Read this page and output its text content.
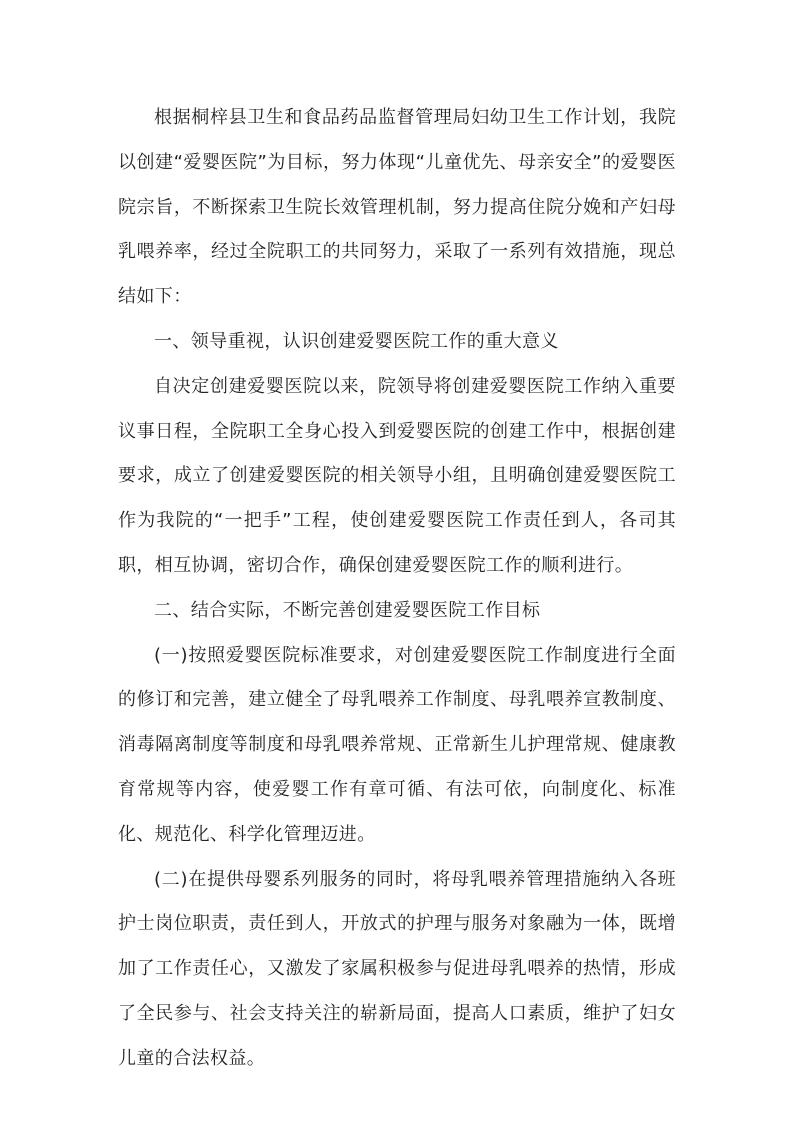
根据桐梓县卫生和食品药品监督管理局妇幼卫生工作计划，我院以创建“爱婴医院”为目标，努力体现“儿童优先、母亲安全”的爱婴医院宗旨，不断探索卫生院长效管理机制，努力提高住院分娩和产妇母乳喂养率，经过全院职工的共同努力，采取了一系列有效措施，现总结如下：

一、领导重视，认识创建爱婴医院工作的重大意义

自决定创建爱婴医院以来，院领导将创建爱婴医院工作纳入重要议事日程，全院职工全身心投入到爱婴医院的创建工作中，根据创建要求，成立了创建爱婴医院的相关领导小组，且明确创建爱婴医院工作为我院的“一把手”工程，使创建爱婴医院工作责任到人，各司其职，相互协调，密切合作，确保创建爱婴医院工作的顺利进行。

二、结合实际，不断完善创建爱婴医院工作目标

(一)按照爱婴医院标准要求，对创建爱婴医院工作制度进行全面的修订和完善，建立健全了母乳喂养工作制度、母乳喂养宣教制度、消毒隔离制度等制度和母乳喂养常规、正常新生儿护理常规、健康教育常规等内容，使爱婴工作有章可循、有法可依，向制度化、标准化、规范化、科学化管理迈进。

(二)在提供母婴系列服务的同时，将母乳喂养管理措施纳入各班护士岗位职责，责任到人，开放式的护理与服务对象融为一体，既增加了工作责任心，又激发了家属积极参与促进母乳喂养的热情，形成了全民参与、社会支持关注的崭新局面，提高人口素质，维护了妇女儿童的合法权益。
